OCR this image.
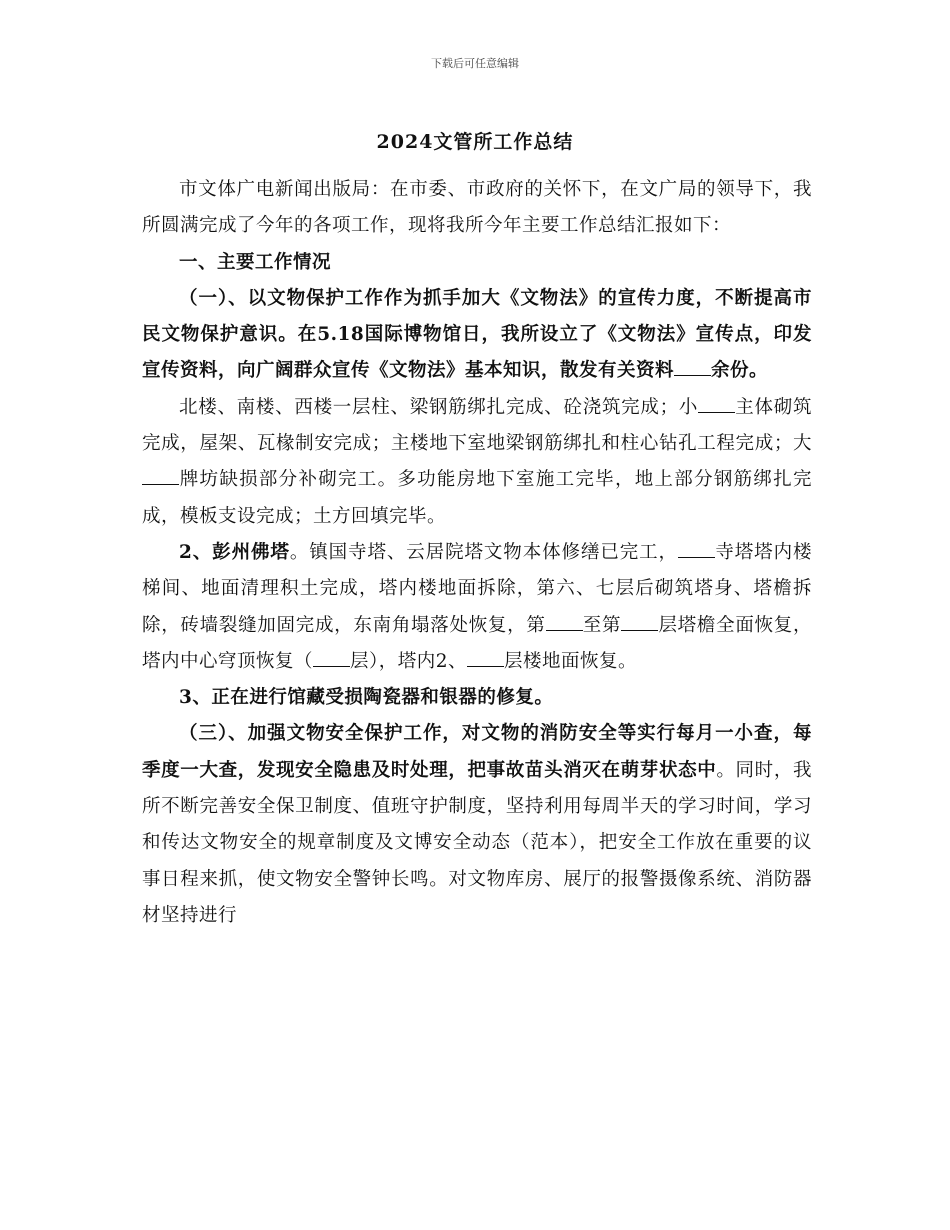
下载后可任意编辑
2024文管所工作总结

市文体广电新闻出版局：在市委、市政府的关怀下，在文广局的领导下，我所圆满完成了今年的各项工作，现将我所今年主要工作总结汇报如下：

一、主要工作情况

（一）、以文物保护工作作为抓手加大《文物法》的宣传力度，不断提高市民文物保护意识。在5.18国际博物馆日，我所设立了《文物法》宣传点，印发宣传资料，向广阔群众宣传《文物法》基本知识，散发有关资料 余份。

北楼、南楼、西楼一层柱、梁钢筋绑扎完成、砼浇筑完成；小 主体砌筑完成，屋架、瓦椽制安完成；主楼地下室地梁钢筋绑扎和柱心钻孔工程完成；大牌坊缺损部分补砌完工。多功能房地下室施工完毕，地上部分钢筋绑扎完成，模板支设完成；土方回填完毕。

2、彭州佛塔。镇国寺塔、云居院塔文物本体修缮已完工， 寺塔塔内楼梯间、地面清理积土完成，塔内楼地面拆除，第六、七层后砌筑塔身、塔檐拆除，砖墙裂缝加固完成，东南角塌落处恢复，第 至第 层塔檐全面恢复，塔内中心穹顶恢复（ 层），塔内2、 层楼地面恢复。

3、正在进行馆藏受损陶瓷器和银器的修复。

（三）、加强文物安全保护工作，对文物的消防安全等实行每月一小查，每季度一大查，发现安全隐患及时处理，把事故苗头消灭在萌芽状态中。同时，我所不断完善安全保卫制度、值班守护制度，坚持利用每周半天的学习时间，学习和传达文物安全的规章制度及文博安全动态（范本），把安全工作放在重要的议事日程来抓，使文物安全警钟长鸣。对文物库房、展厅的报警摄像系统、消防器材坚持进行
